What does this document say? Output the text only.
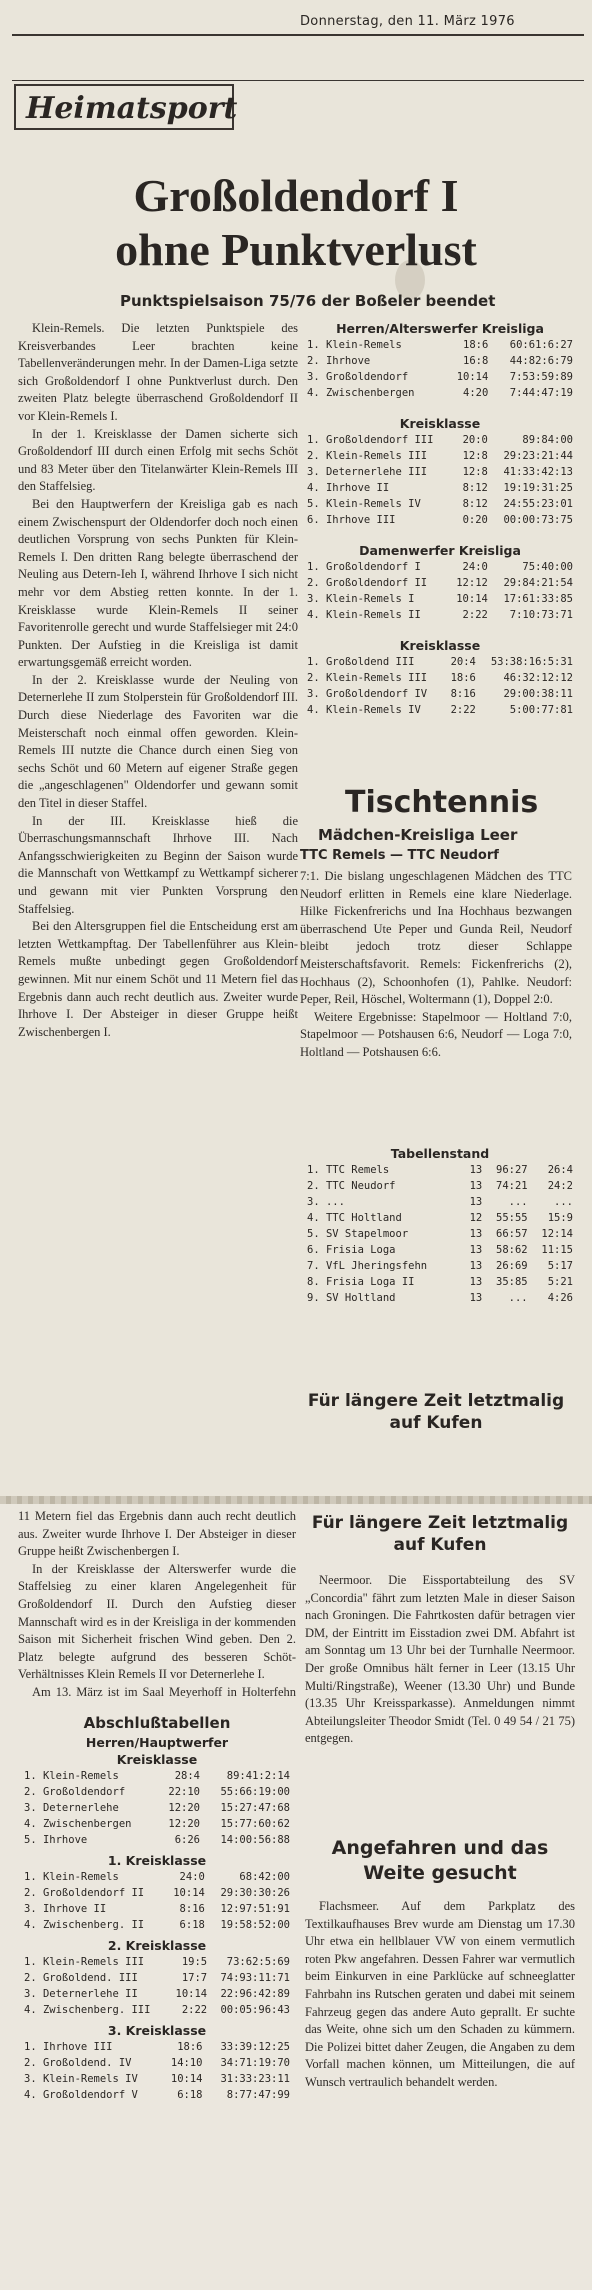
Donnerstag, den 11. März 1976
Heimatsport
Großoldendorf I
ohne Punktverlust
Punktspielsaison 75/76 der Boßeler beendet

Klein-Remels. Die letzten Punktspiele des Kreisverbandes Leer brachten keine Tabellenveränderungen mehr. In der Damen-Liga setzte sich Großoldendorf I ohne Punktverlust durch. Den zweiten Platz belegte überraschend Großoldendorf II vor Klein-Remels I.

In der 1. Kreisklasse der Damen sicherte sich Großoldendorf III durch einen Erfolg mit sechs Schöt und 83 Meter über den Titelanwärter Klein-Remels III den Staffelsieg.

Bei den Hauptwerfern der Kreisliga gab es nach einem Zwischenspurt der Oldendorfer doch noch einen deutlichen Vorsprung von sechs Punkten für Klein-Remels I. Den dritten Rang belegte überraschend der Neuling aus Detern-Ieh I, während Ihrhove I sich nicht mehr vor dem Abstieg retten konnte. In der 1. Kreisklasse wurde Klein-Remels II seiner Favoritenrolle gerecht und wurde Staffelsieger mit 24:0 Punkten. Der Aufstieg in die Kreisliga ist damit erwartungsgemäß erreicht worden.

In der 2. Kreisklasse wurde der Neuling von Deternerlehe II zum Stolperstein für Großoldendorf III. Durch diese Niederlage des Favoriten war die Meisterschaft noch einmal offen geworden. Klein-Remels III nutzte die Chance durch einen Sieg von sechs Schöt und 60 Metern auf eigener Straße gegen die „angeschlagenen" Oldendorfer und gewann somit den Titel in dieser Staffel.

In der III. Kreisklasse hieß die Überraschungsmannschaft Ihrhove III. Nach Anfangsschwierigkeiten zu Beginn der Saison wurde die Mannschaft von Wettkampf zu Wettkampf sicherer und gewann mit vier Punkten Vorsprung den Staffelsieg.

Bei den Altersgruppen fiel die Entscheidung erst am letzten Wettkampftag. Der Tabellenführer aus Klein-Remels mußte unbedingt gegen Großoldendorf gewinnen. Mit nur einem Schöt und 11 Metern fiel das Ergebnis dann auch recht deutlich aus. Zweiter wurde Ihrhove I. Der Absteiger in dieser Gruppe heißt Zwischenbergen I.

Herren/Alterswerfer Kreisliga
1. Klein-Remels	18:6	60:61:6:27
2. Ihrhove	16:8	44:82:6:79
3. Großoldendorf	10:14	7:53:59:89
4. Zwischenbergen	4:20	7:44:47:19
Kreisklasse
1. Großoldendorf III	20:0	89:84:00
2. Klein-Remels III	12:8	29:23:21:44
3. Deternerlehe III	12:8	41:33:42:13
4. Ihrhove II	8:12	19:19:31:25
5. Klein-Remels IV	8:12	24:55:23:01
6. Ihrhove III	0:20	00:00:73:75
Damenwerfer Kreisliga
1. Großoldendorf I	24:0	75:40:00
2. Großoldendorf II	12:12	29:84:21:54
3. Klein-Remels I	10:14	17:61:33:85
4. Klein-Remels II	2:22	7:10:73:71
Kreisklasse
1. Großoldend III	20:4	53:38:16:5:31
2. Klein-Remels III	18:6	46:32:12:12
3. Großoldendorf IV	8:16	29:00:38:11
4. Klein-Remels IV	2:22	5:00:77:81
Tischtennis
Mädchen-Kreisliga Leer
TTC Remels — TTC Neudorf

7:1. Die bislang ungeschlagenen Mädchen des TTC Neudorf erlitten in Remels eine klare Niederlage. Hilke Fickenfrerichs und Ina Hochhaus bezwangen überraschend Ute Peper und Gunda Reil, Neudorf bleibt jedoch trotz dieser Schlappe Meisterschaftsfavorit. Remels: Fickenfrerichs (2), Hochhaus (2), Schoonhofen (1), Pahlke. Neudorf: Peper, Reil, Höschel, Woltermann (1), Doppel 2:0.

Weitere Ergebnisse: Stapelmoor — Holtland 7:0, Stapelmoor — Potshausen 6:6, Neudorf — Loga 7:0, Holtland — Potshausen 6:6.

Tabellenstand
1. TTC Remels	13	96:27	26:4
2. TTC Neudorf	13	74:21	24:2
3. ...	13	...	...
4. TTC Holtland	12	55:55	15:9
5. SV Stapelmoor	13	66:57	12:14
6. Frisia Loga	13	58:62	11:15
7. VfL Jheringsfehn	13	26:69	5:17
8. Frisia Loga II	13	35:85	5:21
9. SV Holtland	13	...	4:26
Für längere Zeit letztmalig auf Kufen

11 Metern fiel das Ergebnis dann auch recht deutlich aus. Zweiter wurde Ihrhove I. Der Absteiger in dieser Gruppe heißt Zwischenbergen I.

In der Kreisklasse der Alterswerfer wurde die Staffelsieg zu einer klaren Angelegenheit für Großoldendorf II. Durch den Aufstieg dieser Mannschaft wird es in der Kreisliga in der kommenden Saison mit Sicherheit frischen Wind geben. Den 2. Platz belegte aufgrund des besseren Schöt-Verhältnisses Klein Remels II vor Deternerlehe I.

Am 13. März ist im Saal Meyerhoff in Holterfehn

Abschlußtabellen
Herren/Hauptwerfer
Kreisklasse
1. Klein-Remels	28:4	89:41:2:14
2. Großoldendorf	22:10	55:66:19:00
3. Deternerlehe	12:20	15:27:47:68
4. Zwischenbergen	12:20	15:77:60:62
5. Ihrhove	6:26	14:00:56:88
1. Kreisklasse
1. Klein-Remels	24:0	68:42:00
2. Großoldendorf II	10:14	29:30:30:26
3. Ihrhove II	8:16	12:97:51:91
4. Zwischenberg. II	6:18	19:58:52:00
2. Kreisklasse
1. Klein-Remels III	19:5	73:62:5:69
2. Großoldend. III	17:7	74:93:11:71
3. Deternerlehe II	10:14	22:96:42:89
4. Zwischenberg. III	2:22	00:05:96:43
3. Kreisklasse
1. Ihrhove III	18:6	33:39:12:25
2. Großoldend. IV	14:10	34:71:19:70
3. Klein-Remels IV	10:14	31:33:23:11
4. Großoldendorf V	6:18	8:77:47:99
Für längere Zeit letztmalig auf Kufen

Neermoor. Die Eissportabteilung des SV „Concordia" fährt zum letzten Male in dieser Saison nach Groningen. Die Fahrtkosten dafür betragen vier DM, der Eintritt im Eisstadion zwei DM. Abfahrt ist am Sonntag um 13 Uhr bei der Turnhalle Neermoor. Der große Omnibus hält ferner in Leer (13.15 Uhr Multi/Ringstraße), Weener (13.30 Uhr) und Bunde (13.35 Uhr Kreissparkasse). Anmeldungen nimmt Abteilungsleiter Theodor Smidt (Tel. 0 49 54 / 21 75) entgegen.

Angefahren und das Weite gesucht

Flachsmeer. Auf dem Parkplatz des Textilkaufhauses Brev wurde am Dienstag um 17.30 Uhr etwa ein hellblauer VW von einem vermutlich roten Pkw angefahren. Dessen Fahrer war vermutlich beim Einkurven in eine Parklücke auf schneeglatter Fahrbahn ins Rutschen geraten und dabei mit seinem Fahrzeug gegen das andere Auto geprallt. Er suchte das Weite, ohne sich um den Schaden zu kümmern. Die Polizei bittet daher Zeugen, die Angaben zu dem Vorfall machen können, um Mitteilungen, die auf Wunsch vertraulich behandelt werden.
